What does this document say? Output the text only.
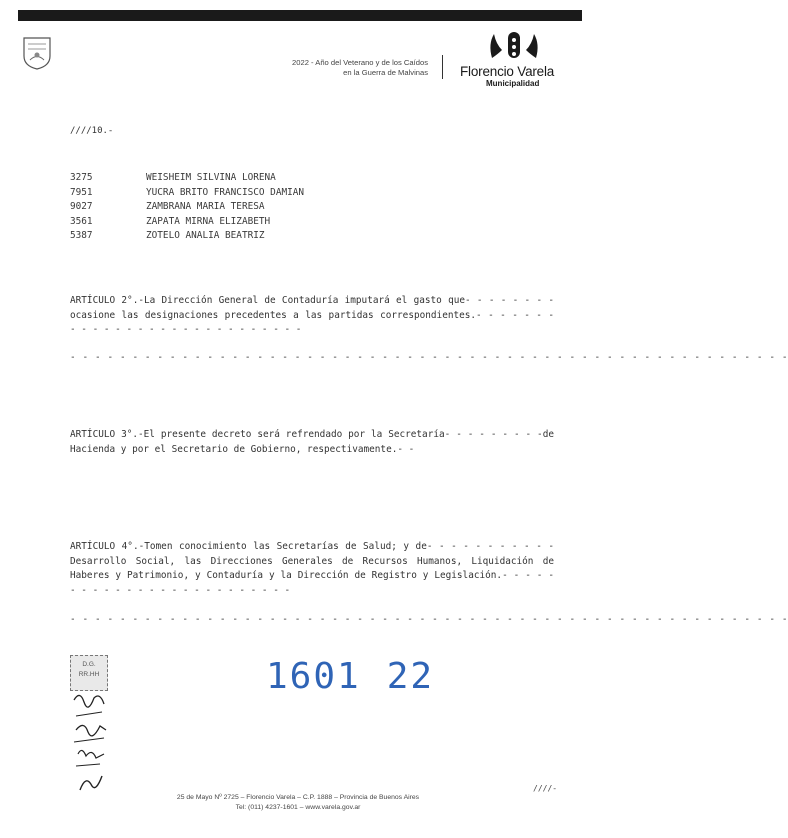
2022 - Año del Veterano y de los Caídos
en la Guerra de Malvinas Florencio Varela
Municipalidad
////10.-
3275	WEISHEIM SILVINA LORENA
7951	YUCRA BRITO FRANCISCO DAMIAN
9027	ZAMBRANA MARIA TERESA
3561	ZAPATA MIRNA ELIZABETH
5387	ZOTELO ANALIA BEATRIZ
ARTÍCULO 2°.-La Dirección General de Contaduría imputará el gasto que- - - - - - - -ocasione las designaciones precedentes a las partidas correspondientes.- - - - - - - - - - - - - - - - - - - - - - - - - - - -
- - - - - - - - - - - - - - - - - - - - - - - - - - - - - - - - - - - - - - - - - - - - - - - - - - - - - - - - - -
ARTÍCULO 3°.-El presente decreto será refrendado por la Secretaría- - - - - - - - -de Hacienda y por el Secretario de Gobierno, respectivamente.- -
ARTÍCULO 4°.-Tomen conocimiento las Secretarías de Salud; y de- - - - - - - - - - -Desarrollo Social, las Direcciones Generales de Recursos Humanos, Liquidación de Haberes y Patrimonio, y Contaduría y la Dirección de Registro y Legislación.- - - - - - - - - - - - - - - - - - - - - - - - -
- - - - - - - - - - - - - - - - - - - - - - - - - - - - - - - - - - - - - - - - - - - - - - - - - - - - - - - - - -
D.G.
RR.HH	1601 22
////-
25 de Mayo Nº 2725 – Florencio Varela – C.P. 1888 – Provincia de Buenos Aires
Tel: (011) 4237-1601 – www.varela.gov.ar
